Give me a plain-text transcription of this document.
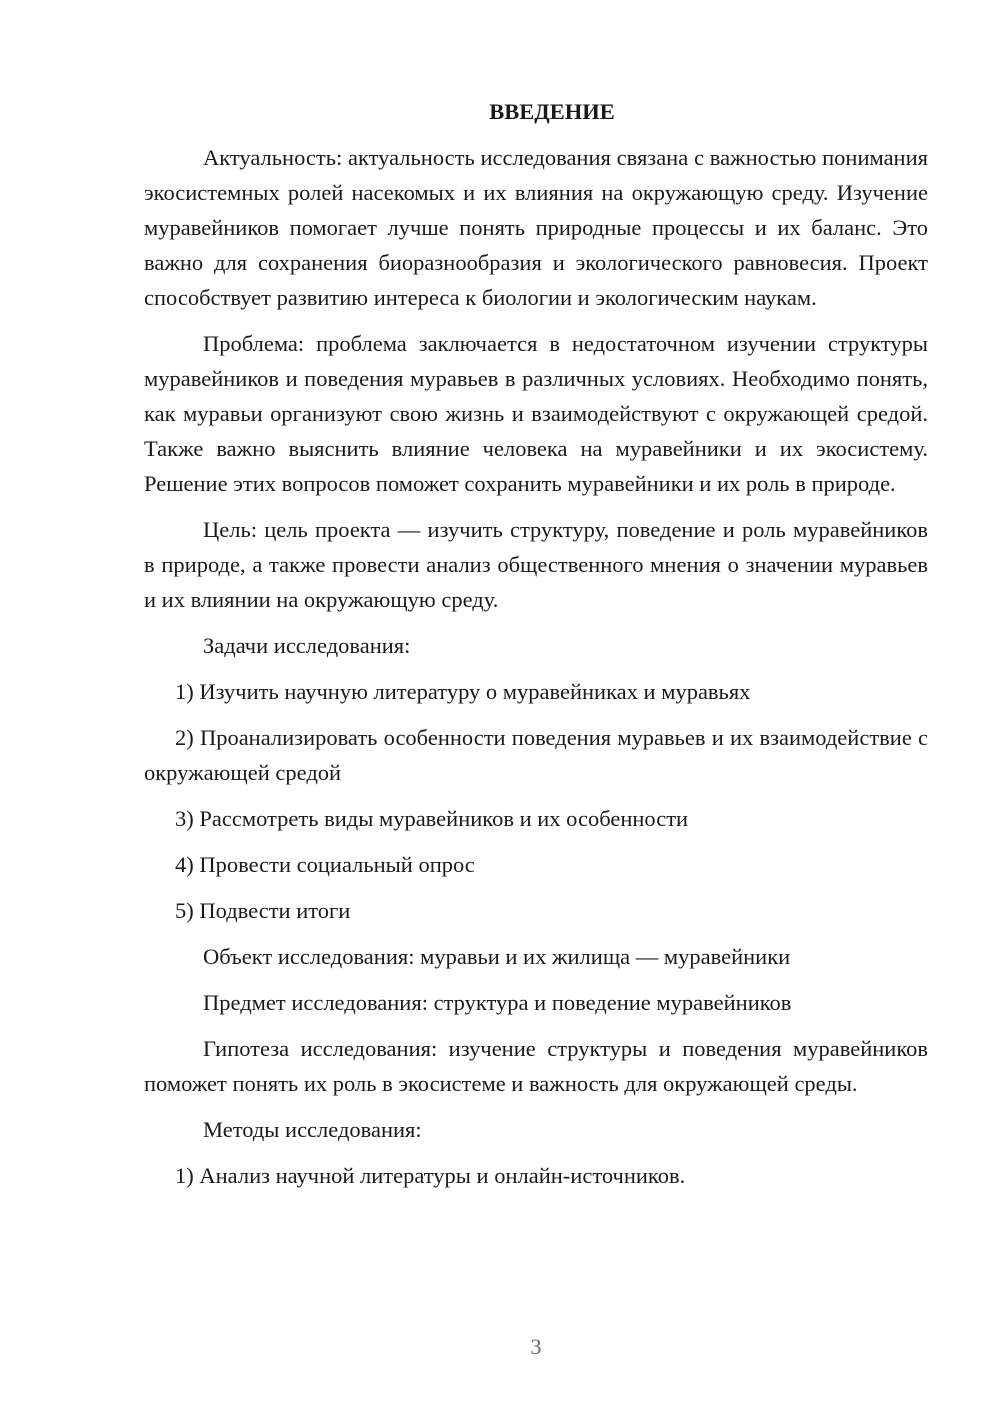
ВВЕДЕНИЕ
Актуальность: актуальность исследования связана с важностью понимания экосистемных ролей насекомых и их влияния на окружающую среду. Изучение муравейников помогает лучше понять природные процессы и их баланс. Это важно для сохранения биоразнообразия и экологического равновесия. Проект способствует развитию интереса к биологии и экологическим наукам.
Проблема: проблема заключается в недостаточном изучении структуры муравейников и поведения муравьев в различных условиях. Необходимо понять, как муравьи организуют свою жизнь и взаимодействуют с окружающей средой. Также важно выяснить влияние человека на муравейники и их экосистему. Решение этих вопросов поможет сохранить муравейники и их роль в природе.
Цель: цель проекта — изучить структуру, поведение и роль муравейников в природе, а также провести анализ общественного мнения о значении муравьев и их влиянии на окружающую среду.
Задачи исследования:
1) Изучить научную литературу о муравейниках и муравьях
2) Проанализировать особенности поведения муравьев и их взаимодействие с окружающей средой
3) Рассмотреть виды муравейников и их особенности
4) Провести социальный опрос
5) Подвести итоги
Объект исследования: муравьи и их жилища — муравейники
Предмет исследования: структура и поведение муравейников
Гипотеза исследования: изучение структуры и поведения муравейников поможет понять их роль в экосистеме и важность для окружающей среды.
Методы исследования:
1) Анализ научной литературы и онлайн-источников.
3
